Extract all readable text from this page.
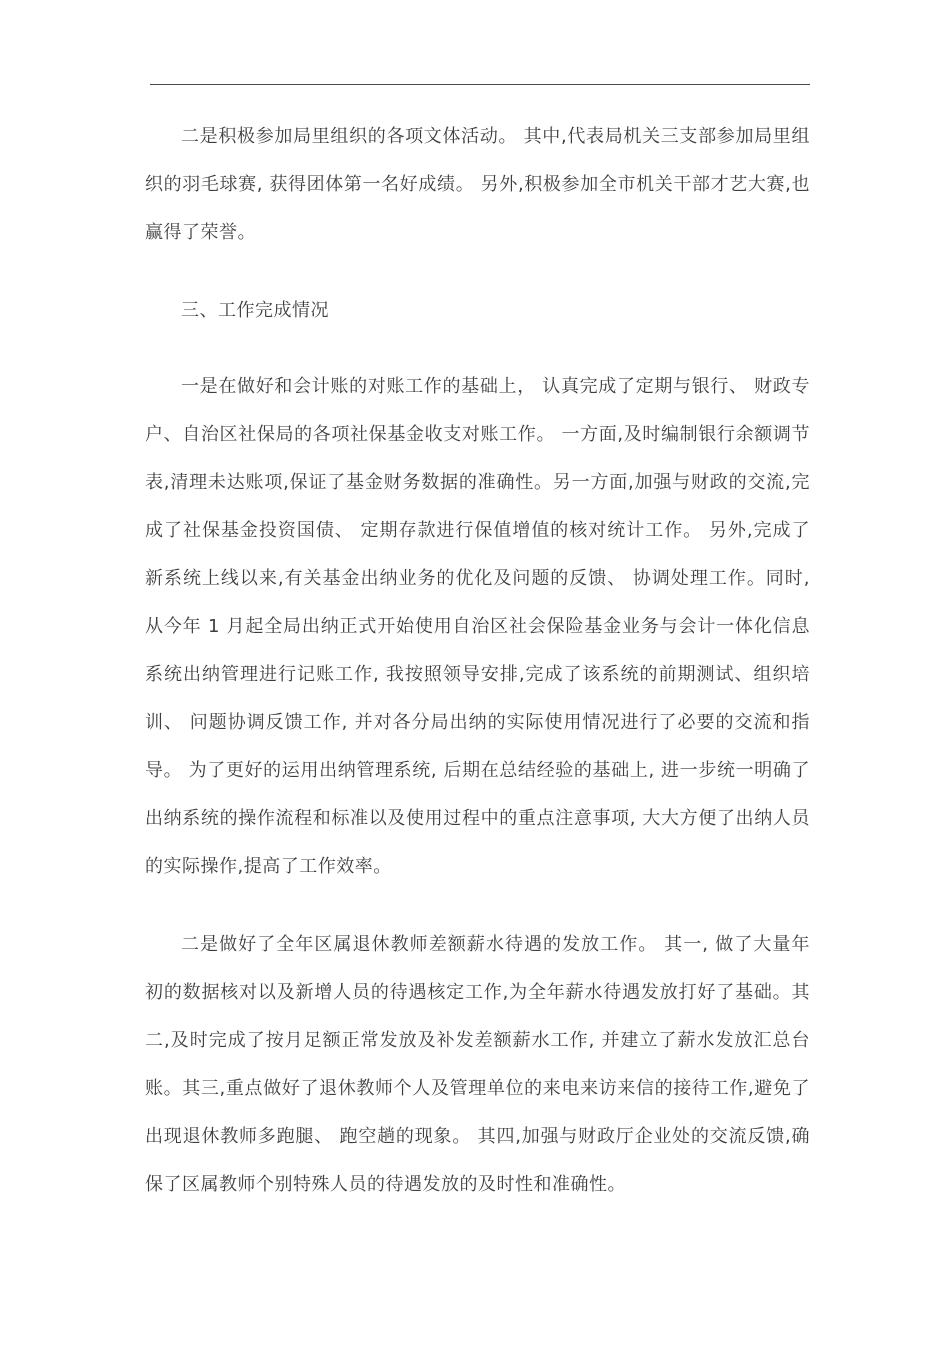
二是积极参加局里组织的各项文体活动。 其中,代表局机关三支部参加局里组织的羽毛球赛, 获得团体第一名好成绩。 另外,积极参加全市机关干部才艺大赛,也赢得了荣誉。
三、工作完成情况
一是在做好和会计账的对账工作的基础上， 认真完成了定期与银行、 财政专户、自治区社保局的各项社保基金收支对账工作。 一方面,及时编制银行余额调节表,清理未达账项,保证了基金财务数据的准确性。另一方面,加强与财政的交流,完成了社保基金投资国债、 定期存款进行保值增值的核对统计工作。 另外,完成了新系统上线以来,有关基金出纳业务的优化及问题的反馈、 协调处理工作。同时,从今年 1 月起全局出纳正式开始使用自治区社会保险基金业务与会计一体化信息系统出纳管理进行记账工作, 我按照领导安排,完成了该系统的前期测试、组织培训、 问题协调反馈工作, 并对各分局出纳的实际使用情况进行了必要的交流和指导。 为了更好的运用出纳管理系统, 后期在总结经验的基础上, 进一步统一明确了出纳系统的操作流程和标准以及使用过程中的重点注意事项, 大大方便了出纳人员的实际操作,提高了工作效率。
二是做好了全年区属退休教师差额薪水待遇的发放工作。 其一, 做了大量年初的数据核对以及新增人员的待遇核定工作,为全年薪水待遇发放打好了基础。其二,及时完成了按月足额正常发放及补发差额薪水工作, 并建立了薪水发放汇总台账。其三,重点做好了退休教师个人及管理单位的来电来访来信的接待工作,避免了出现退休教师多跑腿、 跑空趟的现象。 其四,加强与财政厅企业处的交流反馈,确保了区属教师个别特殊人员的待遇发放的及时性和准确性。
